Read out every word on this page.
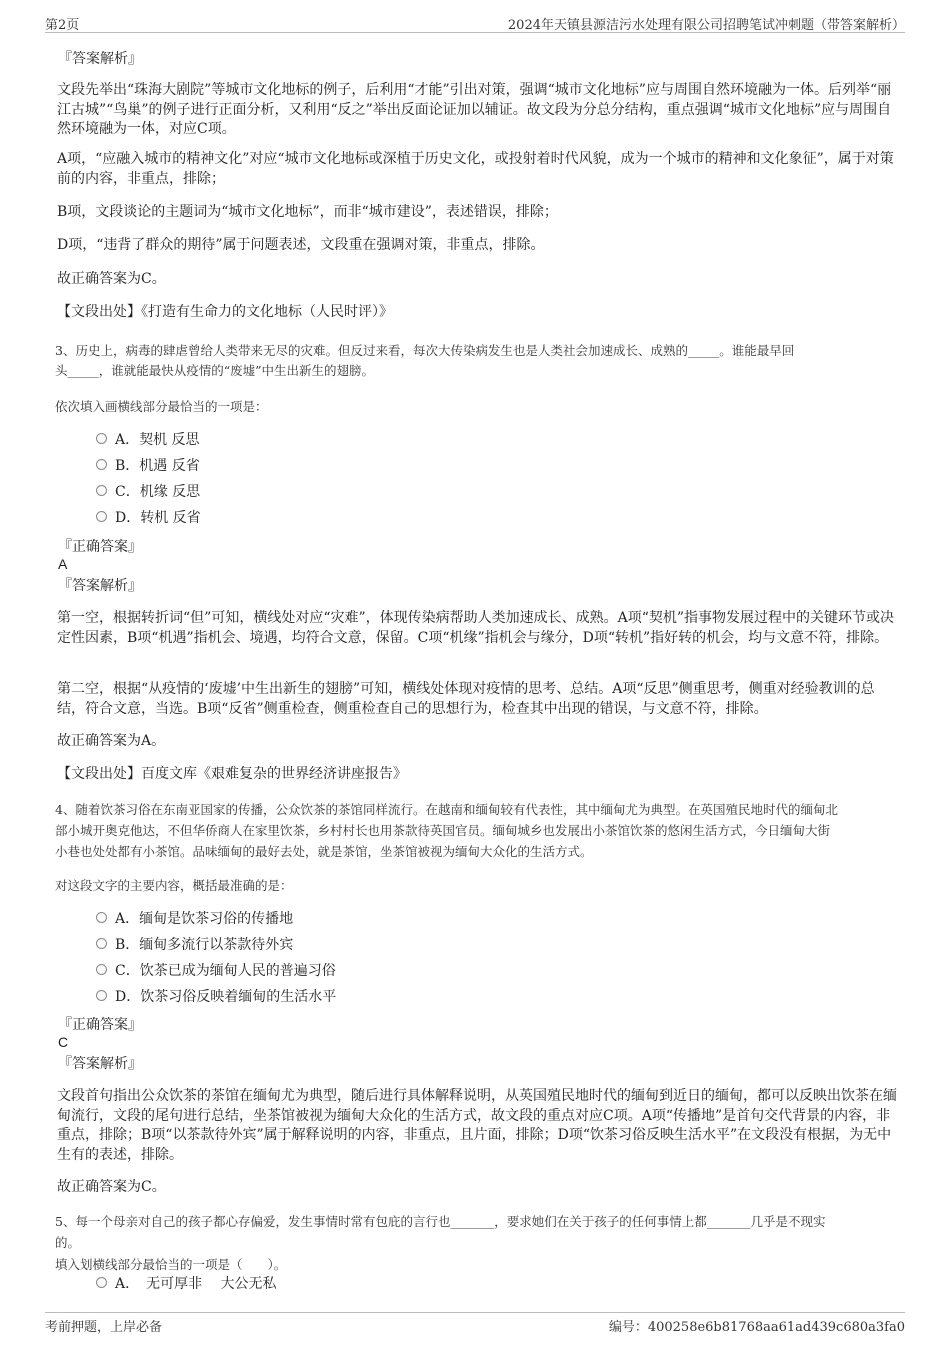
第2页	2024年天镇县源洁污水处理有限公司招聘笔试冲刺题（带答案解析）
『答案解析』
文段先举出“珠海大剧院”等城市文化地标的例子，后利用“才能”引出对策，强调“城市文化地标”应与周围自然环境融为一体。后列举“丽江古城”“鸟巢”的例子进行正面分析，又利用“反之”举出反面论证加以辅证。故文段为分总分结构，重点强调“城市文化地标”应与周围自然环境融为一体，对应C项。
A项，“应融入城市的精神文化”对应“城市文化地标或深植于历史文化，或投射着时代风貌，成为一个城市的精神和文化象征”，属于对策前的内容，非重点，排除；
B项，文段谈论的主题词为“城市文化地标”，而非“城市建设”，表述错误，排除；
D项，“违背了群众的期待”属于问题表述，文段重在强调对策，非重点，排除。
故正确答案为C。
【文段出处】《打造有生命力的文化地标（人民时评）》
3、历史上，病毒的肆虐曾给人类带来无尽的灾难。但反过来看，每次大传染病发生也是人类社会加速成长、成熟的_____。谁能最早回
头_____，谁就能最快从疫情的“废墟”中生出新生的翅膀。
依次填入画横线部分最恰当的一项是：
A．契机 反思
B．机遇 反省
C．机缘 反思
D．转机 反省
『正确答案』
A
『答案解析』
第一空，根据转折词“但”可知，横线处对应“灾难”，体现传染病帮助人类加速成长、成熟。A项“契机”指事物发展过程中的关键环节或决定性因素，B项“机遇”指机会、境遇，均符合文意，保留。C项“机缘”指机会与缘分，D项“转机”指好转的机会，均与文意不符，排除。
第二空，根据“从疫情的‘废墟’中生出新生的翅膀”可知，横线处体现对疫情的思考、总结。A项“反思”侧重思考，侧重对经验教训的总结，符合文意，当选。B项“反省”侧重检查，侧重检查自己的思想行为，检查其中出现的错误，与文意不符，排除。
故正确答案为A。
【文段出处】百度文库《艰难复杂的世界经济讲座报告》
4、随着饮茶习俗在东南亚国家的传播，公众饮茶的茶馆同样流行。在越南和缅甸较有代表性，其中缅甸尤为典型。在英国殖民地时代的缅甸北
部小城开奥克他达，不但华侨商人在家里饮茶，乡村村长也用茶款待英国官员。缅甸城乡也发展出小茶馆饮茶的悠闲生活方式，今日缅甸大街
小巷也处处都有小茶馆。品味缅甸的最好去处，就是茶馆，坐茶馆被视为缅甸大众化的生活方式。
对这段文字的主要内容，概括最准确的是：
A．缅甸是饮茶习俗的传播地
B．缅甸多流行以茶款待外宾
C．饮茶已成为缅甸人民的普遍习俗
D．饮茶习俗反映着缅甸的生活水平
『正确答案』
C
『答案解析』
文段首句指出公众饮茶的茶馆在缅甸尤为典型，随后进行具体解释说明，从英国殖民地时代的缅甸到近日的缅甸，都可以反映出饮茶在缅甸流行，文段的尾句进行总结，坐茶馆被视为缅甸大众化的生活方式，故文段的重点对应C项。A项“传播地”是首句交代背景的内容，非重点，排除；B项“以茶款待外宾”属于解释说明的内容，非重点，且片面，排除；D项“饮茶习俗反映生活水平”在文段没有根据，为无中生有的表述，排除。
故正确答案为C。
5、每一个母亲对自己的孩子都心存偏爱，发生事情时常有包庇的言行也_______，要求她们在关于孩子的任何事情上都_______几乎是不现实
的。
填入划横线部分最恰当的一项是（　　）。
A．　无可厚非　 大公无私
考前押题，上岸必备	编号：400258e6b81768aa61ad439c680a3fa0
